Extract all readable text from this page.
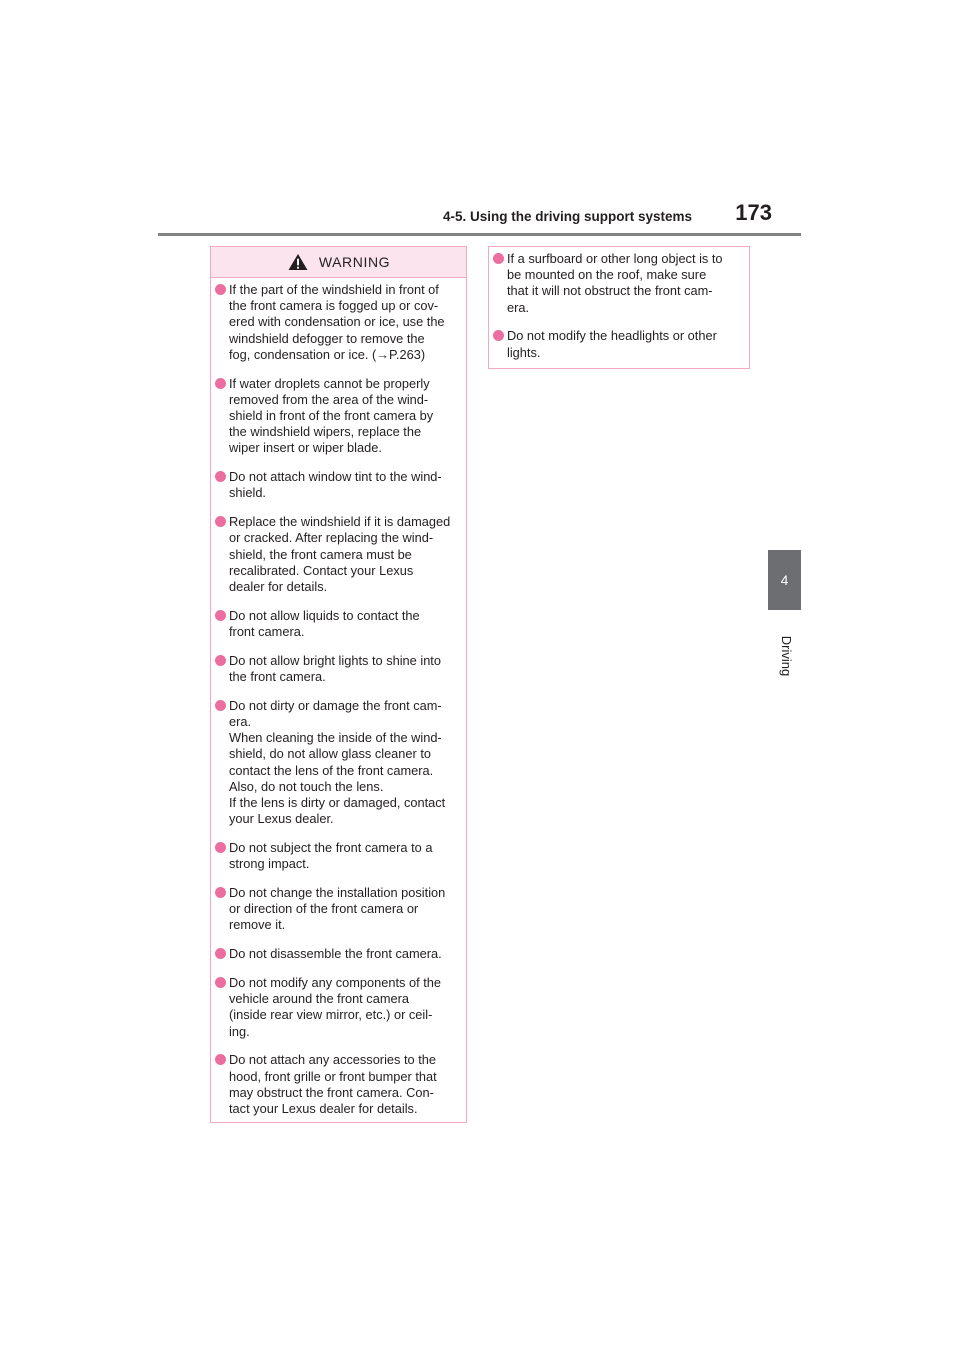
4-5. Using the driving support systems	173
4
Driving
WARNING
If the part of the windshield in front of
the front camera is fogged up or cov-
ered with condensation or ice, use the
windshield defogger to remove the
fog, condensation or ice. (→P.263)
If water droplets cannot be properly
removed from the area of the wind-
shield in front of the front camera by
the windshield wipers, replace the
wiper insert or wiper blade.
Do not attach window tint to the wind-
shield.
Replace the windshield if it is damaged
or cracked. After replacing the wind-
shield, the front camera must be
recalibrated. Contact your Lexus
dealer for details.
Do not allow liquids to contact the
front camera.
Do not allow bright lights to shine into
the front camera.
Do not dirty or damage the front cam-
era.
When cleaning the inside of the wind-
shield, do not allow glass cleaner to
contact the lens of the front camera.
Also, do not touch the lens.
If the lens is dirty or damaged, contact
your Lexus dealer.
Do not subject the front camera to a
strong impact.
Do not change the installation position
or direction of the front camera or
remove it.
Do not disassemble the front camera.
Do not modify any components of the
vehicle around the front camera
(inside rear view mirror, etc.) or ceil-
ing.
Do not attach any accessories to the
hood, front grille or front bumper that
may obstruct the front camera. Con-
tact your Lexus dealer for details.
If a surfboard or other long object is to
be mounted on the roof, make sure
that it will not obstruct the front cam-
era.
Do not modify the headlights or other
lights.
